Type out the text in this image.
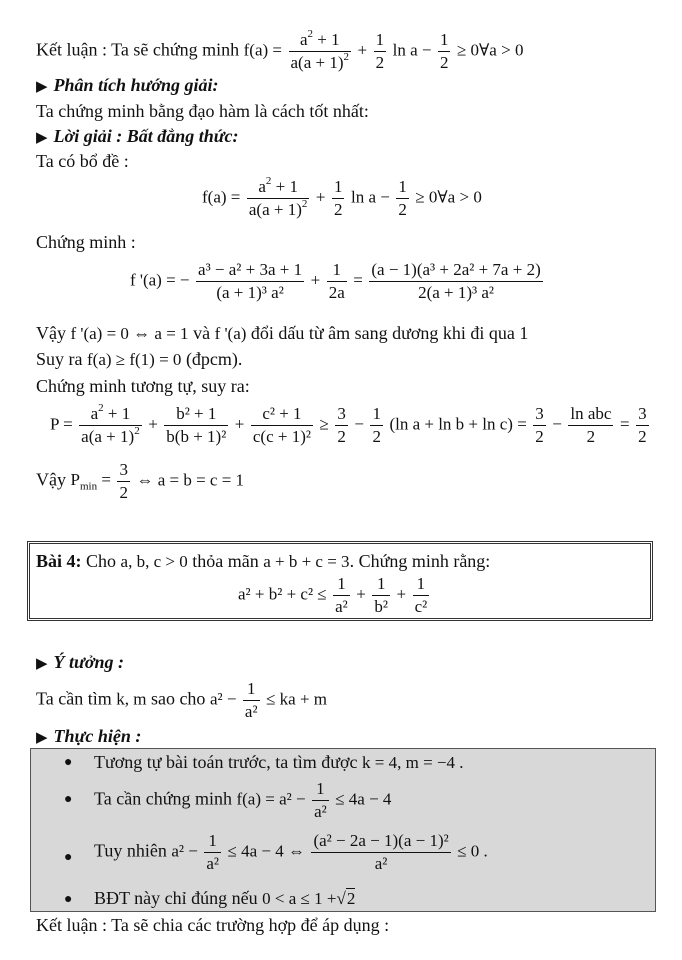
Kết luận : Ta sẽ chứng minh $f(a) = \frac{a^2 + 1}{a(a + 1)^2} + \frac{1}{2}$ $\ln a - \frac{1}{2}$ ≥ 0∀a > 0
▶ Phân tích hướng giải:
Ta chứng minh bằng đạo hàm là cách tốt nhất:
▶ Lời giải : Bất đẳng thức:
Ta có bổ đề :
$f(a) = \frac{a^2 + 1}{a(a + 1)^2} + \frac{1}{2}$ $\ln a - \frac{1}{2}$ ≥ 0∀a > 0
Chứng minh :
f '(a) = − $\frac{\text{a³ − a² + 3a + 1}}{\text{(a + 1)³ a²}} + \frac{1}{2a} = \frac{\text{(a − 1)(a³ + 2a² + 7a + 2)}}{\text{2(a + 1)³ a²}}$
Vậy f '(a) = 0 ⇔ a = 1 và f '(a) đổi dấu từ âm sang dương khi đi qua 1
Suy ra f(a) ≥ f(1) = 0 (đpcm).
Chứng minh tương tự, suy ra:
$P = \frac{a^2 + 1}{a(a + 1)^2} + \frac{\text{b² + 1}}{\text{b(b + 1)²}} + \frac{\text{c² + 1}}{\text{c(c + 1)²}} \ge \frac{3}{2} - \frac{1}{2} (\ln$ $a + \ln b + \ln c) = \frac{3}{2} - \frac{\text{ln abc}}{2} = \frac{3}{2}$
Vậy $P_{min} = \frac{3}{2}$ ⇔ a = b = c = 1
Bài 4: Cho a, b, c > 0 thỏa mãn a + b + c = 3. Chứng minh rằng:
$a^2 + b^2 + c^2 \le \frac{1}{\text{a²}} + \frac{1}{\text{b²}} + \frac{1}{\text{c²}}$
▶ Ý tưởng :
Ta cần tìm k, m sao cho $a^2 - \frac{1}{\text{a²}}$ ≤ ka + m
▶ Thực hiện :
● Tương tự bài toán trước, ta tìm được k = 4, m = −4 .
● Ta cần chứng minh $f(a) = a^2 - \frac{1}{\text{a²}} \le 4a - 4$
● Tuy nhiên $a^2 - \frac{1}{\text{a²}} \le 4a - 4$ ⇔ $\frac{\text{(a² − 2a − 1)(a − 1)²}}{\text{a²}} \le 0$ .
● BĐT này chỉ đúng nếu 0 < a ≤ 1 +√2
Kết luận : Ta sẽ chia các trường hợp để áp dụng :
